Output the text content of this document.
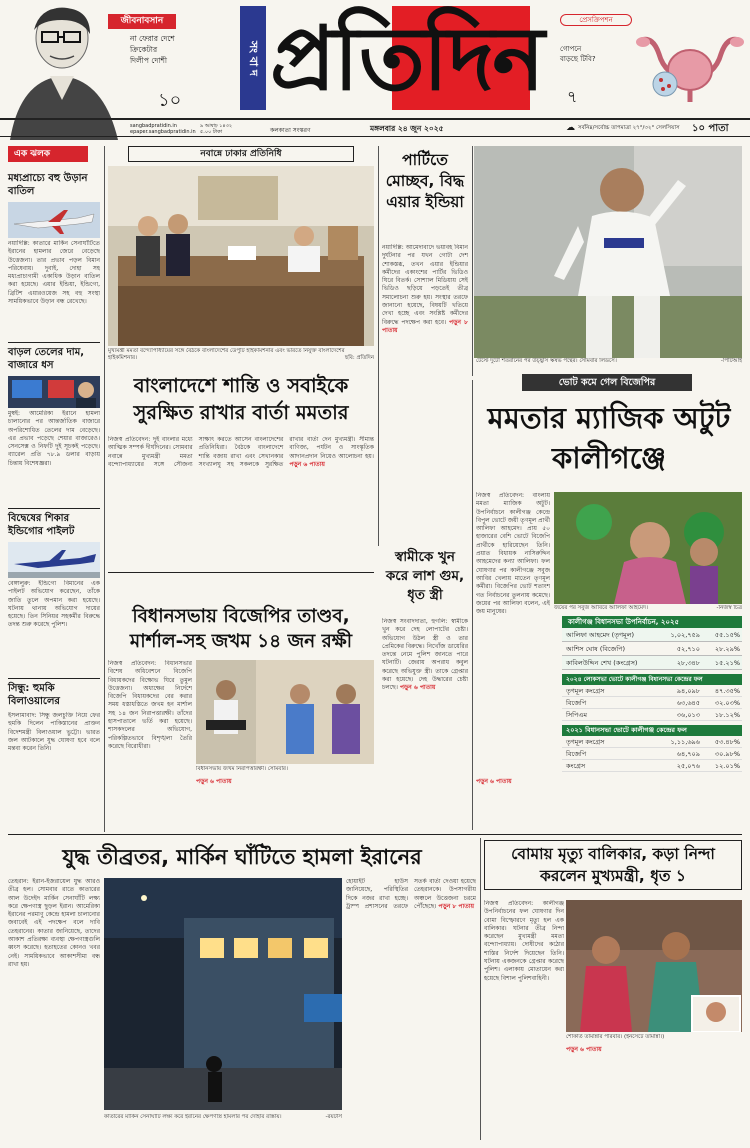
জীবনাবসান
না ফেরার দেশে
ক্রিকেটার
দিলীপ দোশী
১০
সং বা দ প্রতিদিন	প্রেসক্রিপশন
গোপনে
বাড়ছে টিবি?
৭
sangbadpratidin.in
epaper.sangbadpratidin.in
৯ আষাঢ় ১৪৩২
৫.০০ টাকা	কলকাতা সংস্করণ	মঙ্গলবার ২৪ জুন ২০২৫	☁ সর্বনিম্ন/সর্বোচ্চ তাপমাত্রা ২৭°/৩২° সেলসিয়াস ১০ পাতা
এক ঝলক
মধ্যপ্রাচ্যে বহু উড়ান বাতিল
নয়াদিল্লি: কাতারে মার্কিন সেনাঘাঁটিতে ইরানের হামলার জেরে বেড়েছে উত্তেজনা। তার প্রভাব পড়ল বিমান পরিষেবায়। দুবাই, দোহা সহ মধ্যপ্রাচ্যগামী একাধিক উড়ান বাতিল করা হয়েছে। এয়ার ইন্ডিয়া, ইন্ডিগো, ব্রিটিশ এয়ারওয়েজ সহ বহু সংস্থা সাময়িকভাবে উড়ান বন্ধ রেখেছে।
বাড়ল তেলের দাম, বাজারে ধস
মুম্বই: আমেরিকা ইরানে হামলা চালানোর পর আন্তর্জাতিক বাজারে অপরিশোধিত তেলের দাম বেড়েছে। এর প্রভাব পড়েছে শেয়ার বাজারেও। সেনসেক্স ও নিফটি দুই সূচকই পড়েছে। ব্যারেল প্রতি ৭৮.৯ ডলার বাড়ায় চিন্তায় বিশেষজ্ঞরা।
বিদ্বেষের শিকার ইন্ডিগোর পাইলট
বেঙ্গালুরু: ইন্ডিগো বিমানের এক পাইলট অভিযোগ করেছেন, তাঁকে জাতি তুলে অপমান করা হয়েছে। ঘটনায় থানায় অভিযোগ দায়ের হয়েছে। তিন সিনিয়র সহকর্মীর বিরুদ্ধে তদন্ত শুরু করেছে পুলিশ।
সিন্ধু: হুমকি বিলাওয়ালের
ইসলামাবাদ: সিন্ধু জলচুক্তি নিয়ে ফের হুমকি দিলেন পাকিস্তানের প্রাক্তন বিদেশমন্ত্রী বিলাওয়াল ভুট্টো। ভারত জল আটকালে যুদ্ধ ঘোষণা হবে বলে মন্তব্য করেন তিনি।
নবান্নে ঢাকার প্রতিনিধি
মুখ্যমন্ত্রী মমতা বন্দ্যোপাধ্যায়ের সঙ্গে বৈঠকে বাংলাদেশের ডেপুটি হাইকমিশনার এবং ভারতে নিযুক্ত বাংলাদেশের হাইকমিশনার।	ছবি: প্রতিদিন
বাংলাদেশে শান্তি ও সবাইকে সুরক্ষিত রাখার বার্তা মমতার
নিজস্ব প্রতিবেদন: দুই বাংলার মধ্যে আত্মিক সম্পর্ক দীর্ঘদিনের। সোমবার নবান্নে মুখ্যমন্ত্রী মমতা বন্দ্যোপাধ্যায়ের সঙ্গে সৌজন্য সাক্ষাৎ করতে আসেন বাংলাদেশের প্রতিনিধিরা। বৈঠকে বাংলাদেশে শান্তি বজায় রাখা এবং সেখানকার সংখ্যালঘু সহ সকলকে সুরক্ষিত রাখার বার্তা দেন মুখ্যমন্ত্রী। সীমান্ত বাণিজ্য, পর্যটন ও সাংস্কৃতিক আদানপ্রদান নিয়েও আলোচনা হয়। পড়ুন ৬ পাতায়
পার্টিতে মোচ্ছব, বিদ্ধ এয়ার ইন্ডিয়া
নয়াদিল্লি: আমেদাবাদে ভয়াবহ বিমান দুর্ঘটনার পর যখন গোটা দেশ শোকস্তব্ধ, তখন এয়ার ইন্ডিয়ার কর্মীদের একাংশের পার্টির ভিডিও ঘিরে বিতর্ক। সোশ্যাল মিডিয়ায় সেই ভিডিও ছড়িয়ে পড়তেই তীব্র সমালোচনা শুরু হয়। সংস্থার তরফে জানানো হয়েছে, বিষয়টি খতিয়ে দেখা হচ্ছে এবং সংশ্লিষ্ট কর্মীদের বিরুদ্ধে পদক্ষেপ করা হবে। পড়ুন ৮ পাতায়
টেস্টে দুটো শতরানের পর উচ্ছ্বাস ঋষভ পন্থের। সোমবার লিডসে।	-পিটিআই
ভোট কমে গেল বিজেপির
মমতার ম্যাজিক অটুট কালীগঞ্জে
নিজস্ব প্রতিবেদন: বাংলায় মমতা ম্যাজিক অটুট। উপনির্বাচনে কালীগঞ্জ কেন্দ্রে বিপুল ভোটে জয়ী তৃণমূল প্রার্থী আলিফা আহমেদ। প্রায় ৫০ হাজারের বেশি ভোটে বিজেপি প্রার্থীকে হারিয়েছেন তিনি। প্রয়াত বিধায়ক নাসিরুদ্দিন আহমেদের কন্যা আলিফা। ফল ঘোষণার পর কালীগঞ্জে সবুজ আবির খেলায় মাতেন তৃণমূল কর্মীরা। বিজেপির ভোট শতাংশ গত নির্বাচনের তুলনায় কমেছে। জয়ের পর আলিফা বলেন, এই জয় মানুষের।
জয়ের পর সবুজ আবিরে আলিফা আহমেদ।	-নিজস্ব চিত্র
কালীগঞ্জ বিধানসভা উপনির্বাচন, ২০২৫
আলিফা আহমেদ (তৃণমূল)	১,০২,৭৫৯	৫৫.১৫%
আশিস ঘোষ (বিজেপি)	৫২,৭১০	২৮.২৯%
কাবিলউদ্দিন শেখ (কংগ্রেস)	২৮,৩৪৮	১৫.২১%
২০২৪ লোকসভা ভোটে কালীগঞ্জ বিধানসভা কেন্দ্রের ফল
তৃণমূল কংগ্রেস	৯৪,০৯৮	৪৭.৩৫%
বিজেপি	৬৩,৬৪৫	৩২.০৩%
সিপিএম	৩৬,০১৩	১৮.১২%
২০২১ বিধানসভা ভোটে কালীগঞ্জ কেন্দ্রের ফল
তৃণমূল কংগ্রেস	১,১১,৬৯৬	৫৩.৪৮%
বিজেপি	৬৪,৭০৯	৩০.৯৮%
কংগ্রেস	২৫,০৭৬	১২.০১%
পড়ুন ৬ পাতায়
স্বামীকে খুন করে লাশ গুম, ধৃত স্ত্রী
নিজস্ব সংবাদদাতা, হুগলি: স্বামীকে খুন করে দেহ লোপাটের চেষ্টা। অভিযোগ উঠল স্ত্রী ও তার প্রেমিকের বিরুদ্ধে। নিখোঁজ ডায়েরির তদন্তে নেমে পুলিশ জানতে পারে ঘটনাটি। জেরায় অপরাধ কবুল করেছে অভিযুক্ত স্ত্রী। তাকে গ্রেপ্তার করা হয়েছে। দেহ উদ্ধারের চেষ্টা চলছে। পড়ুন ৬ পাতায়
বিধানসভায় বিজেপির তাণ্ডব, মার্শাল-সহ জখম ১৪ জন রক্ষী
নিজস্ব প্রতিবেদন: বিধানসভার বিশেষ অধিবেশনে বিজেপি বিধায়কদের বিক্ষোভ ঘিরে তুমুল উত্তেজনা। অধ্যক্ষের নির্দেশে বিজেপি বিধায়কদের বের করার সময় ধস্তাধস্তিতে জখম হন মার্শাল সহ ১৪ জন নিরাপত্তারক্ষী। তাঁদের হাসপাতালে ভর্তি করা হয়েছে। শাসকদলের অভিযোগ, পরিকল্পিতভাবে বিশৃঙ্খলা তৈরি করেছে বিরোধীরা।
বিধানসভায় জখম নিরাপত্তারক্ষী। সোমবার।
পড়ুন ৬ পাতায়
যুদ্ধ তীব্রতর, মার্কিন ঘাঁটিতে হামলা ইরানের
তেহরান: ইরান-ইজরায়েল যুদ্ধ আরও তীব্র হল। সোমবার রাতে কাতারের আল উদেইদ মার্কিন সেনাঘাঁটি লক্ষ্য করে ক্ষেপণাস্ত্র ছুড়ল ইরান। আমেরিকা ইরানের পরমাণু কেন্দ্রে হামলা চালানোর জবাবেই এই পদক্ষেপ বলে দাবি তেহরানের। কাতার জানিয়েছে, তাদের আকাশ প্রতিরক্ষা ব্যবস্থা ক্ষেপণাস্ত্রগুলি ধ্বংস করেছে। হতাহতের কোনও খবর নেই। সাময়িকভাবে আকাশসীমা বন্ধ রাখা হয়।
কাতারের মার্কিন সেনাঘাঁটি লক্ষ্য করে ইরানের ক্ষেপণাস্ত্র হামলার পর দোহার রাস্তায়।	-রয়টার্স
হোয়াইট হাউস জানিয়েছে, পরিস্থিতির দিকে নজর রাখা হচ্ছে। ট্রাম্প প্রশাসনের তরফে সতর্ক বার্তা দেওয়া হয়েছে তেহরানকে। উপসাগরীয় অঞ্চলে উত্তেজনা চরমে পৌঁছেছে। পড়ুন ৮ পাতায়
বোমায় মৃত্যু বালিকার, কড়া নিন্দা করলেন মুখ্যমন্ত্রী, ধৃত ১
নিজস্ব প্রতিবেদন: কালীগঞ্জ উপনির্বাচনের ফল ঘোষণার দিন বোমা বিস্ফোরণে মৃত্যু হল এক বালিকার। ঘটনার তীব্র নিন্দা করেছেন মুখ্যমন্ত্রী মমতা বন্দ্যোপাধ্যায়। দোষীদের কঠোর শাস্তির নির্দেশ দিয়েছেন তিনি। ঘটনায় একজনকে গ্রেপ্তার করেছে পুলিশ। এলাকায় মোতায়েন করা হয়েছে বিশাল পুলিশবাহিনী।
শোকার্ত তামান্নার পরিবার। (ইনসেটে তামান্না।)
পড়ুন ৬ পাতায়
